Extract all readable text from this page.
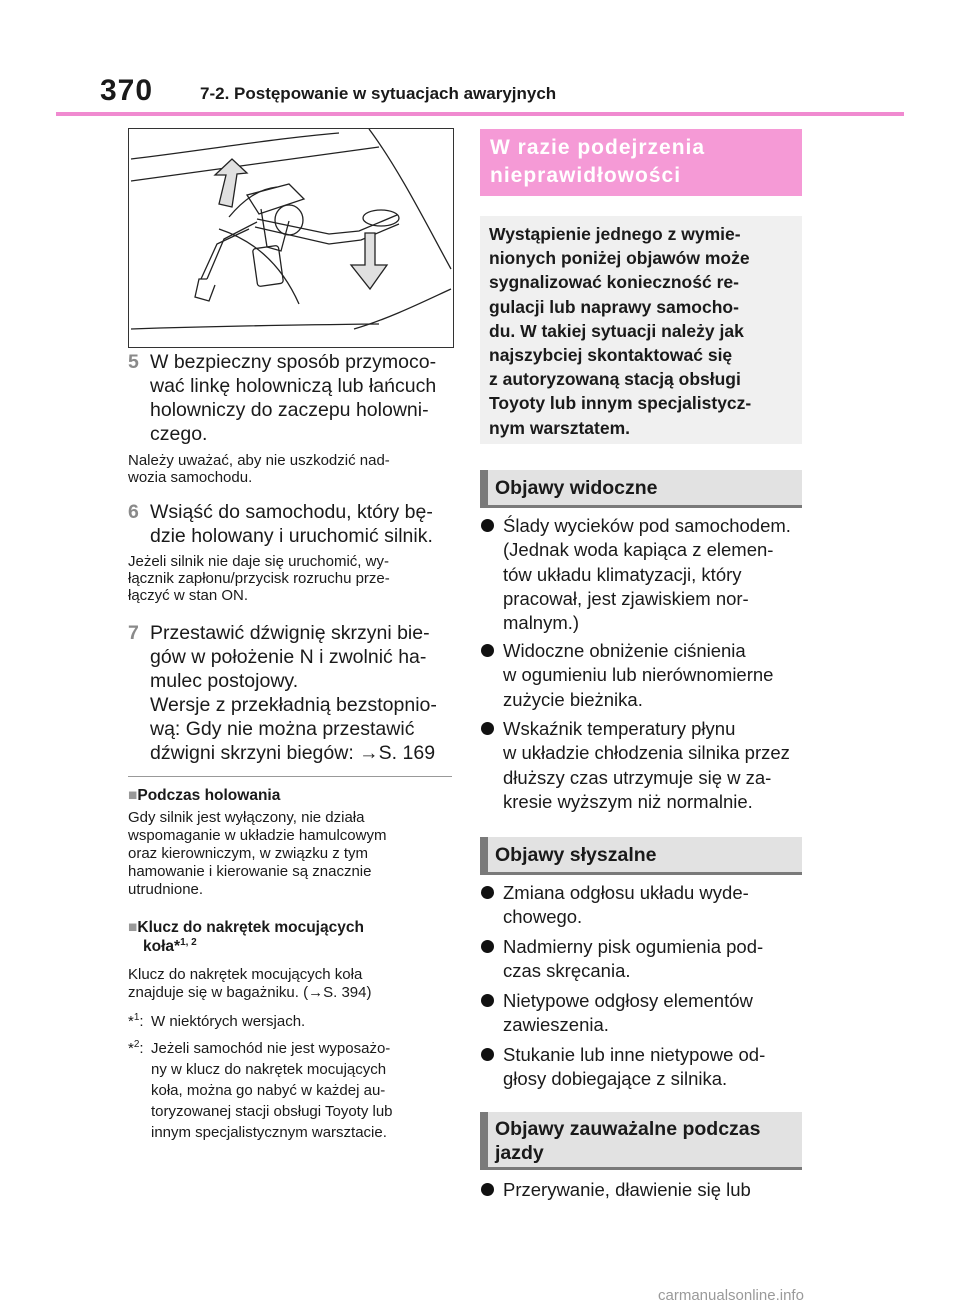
370	7-2. Postępowanie w sytuacjach awaryjnych
5 W bezpieczny sposób przymoco-
wać linkę holowniczą lub łańcuch
holowniczy do zaczepu holowni-
czego.
Należy uważać, aby nie uszkodzić nad-
wozia samochodu.
6 Wsiąść do samochodu, który bę-
dzie holowany i uruchomić silnik.
Jeżeli silnik nie daje się uruchomić, wy-
łącznik zapłonu/przycisk rozruchu prze-
łączyć w stan ON.
7 Przestawić dźwignię skrzyni bie-
gów w położenie N i zwolnić ha-
mulec postojowy.
Wersje z przekładnią bezstopnio-
wą: Gdy nie można przestawić
dźwigni skrzyni biegów: →S. 169
■Podczas holowania
Gdy silnik jest wyłączony, nie działa
wspomaganie w układzie hamulcowym
oraz kierowniczym, w związku z tym
hamowanie i kierowanie są znacznie
utrudnione.
■Klucz do nakrętek mocujących
koła*$^{1, 2}$
Klucz do nakrętek mocujących koła
znajduje się w bagażniku. (→S. 394)
*$^1$: W niektórych wersjach.
*$^2$: Jeżeli samochód nie jest wyposażo-
ny w klucz do nakrętek mocujących
koła, można go nabyć w każdej au-
toryzowanej stacji obsługi Toyoty lub
innym specjalistycznym warsztacie.
W razie podejrzenia
nieprawidłowości
Wystąpienie jednego z wymie-
nionych poniżej objawów może
sygnalizować konieczność re-
gulacji lub naprawy samocho-
du. W takiej sytuacji należy jak
najszybciej skontaktować się
z autoryzowaną stacją obsługi
Toyoty lub innym specjalistycz-
nym warsztatem.
Objawy widoczne
Ślady wycieków pod samochodem.
(Jednak woda kapiąca z elemen-
tów układu klimatyzacji, który
pracował, jest zjawiskiem nor-
malnym.)
Widoczne obniżenie ciśnienia
w ogumieniu lub nierównomierne
zużycie bieżnika.
Wskaźnik temperatury płynu
w układzie chłodzenia silnika przez
dłuższy czas utrzymuje się w za-
kresie wyższym niż normalnie.
Objawy słyszalne
Zmiana odgłosu układu wyde-
chowego.
Nadmierny pisk ogumienia pod-
czas skręcania.
Nietypowe odgłosy elementów
zawieszenia.
Stukanie lub inne nietypowe od-
głosy dobiegające z silnika.
Objawy zauważalne podczas
jazdy
Przerywanie, dławienie się lub
carmanualsonline.info
